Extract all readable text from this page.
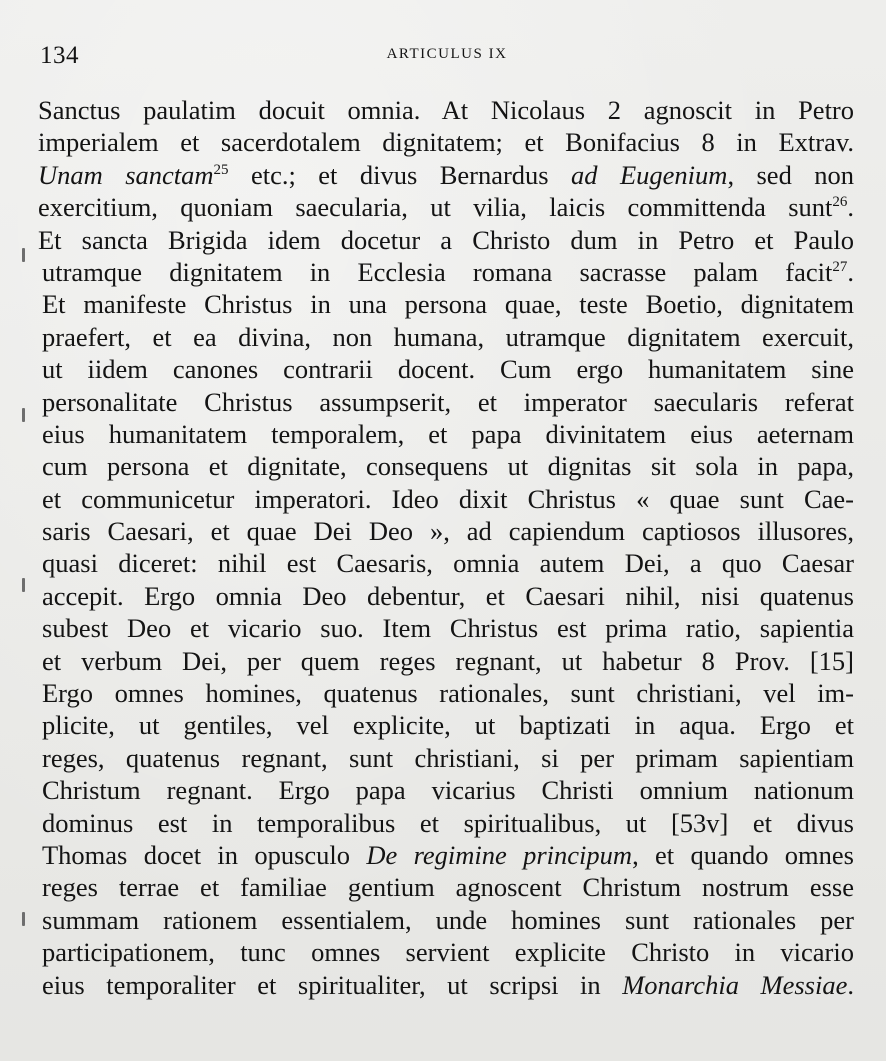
134	ARTICULUS IX
Sanctus paulatim docuit omnia. At Nicolaus 2 agnoscit in Petro
imperialem et sacerdotalem dignitatem; et Bonifacius 8 in Extrav.
Unam sanctam$^{25}$ etc.; et divus Bernardus ad Eugenium, sed non
exercitium, quoniam saecularia, ut vilia, laicis committenda sunt$^{26}$.
Et sancta Brigida idem docetur a Christo dum in Petro et Paulo
utramque dignitatem in Ecclesia romana sacrasse palam facit$^{27}$.
Et manifeste Christus in una persona quae, teste Boetio, dignitatem
praefert, et ea divina, non humana, utramque dignitatem exercuit,
ut iidem canones contrarii docent. Cum ergo humanitatem sine
personalitate Christus assumpserit, et imperator saecularis referat
eius humanitatem temporalem, et papa divinitatem eius aeternam
cum persona et dignitate, consequens ut dignitas sit sola in papa,
et communicetur imperatori. Ideo dixit Christus « quae sunt Cae-
saris Caesari, et quae Dei Deo », ad capiendum captiosos illusores,
quasi diceret: nihil est Caesaris, omnia autem Dei, a quo Caesar
accepit. Ergo omnia Deo debentur, et Caesari nihil, nisi quatenus
subest Deo et vicario suo. Item Christus est prima ratio, sapientia
et verbum Dei, per quem reges regnant, ut habetur 8 Prov. [15]
Ergo omnes homines, quatenus rationales, sunt christiani, vel im-
plicite, ut gentiles, vel explicite, ut baptizati in aqua. Ergo et
reges, quatenus regnant, sunt christiani, si per primam sapientiam
Christum regnant. Ergo papa vicarius Christi omnium nationum
dominus est in temporalibus et spiritualibus, ut [53v] et divus
Thomas docet in opusculo De regimine principum, et quando omnes
reges terrae et familiae gentium agnoscent Christum nostrum esse
summam rationem essentialem, unde homines sunt rationales per
participationem, tunc omnes servient explicite Christo in vicario
eius temporaliter et spiritualiter, ut scripsi in Monarchia Messiae.
